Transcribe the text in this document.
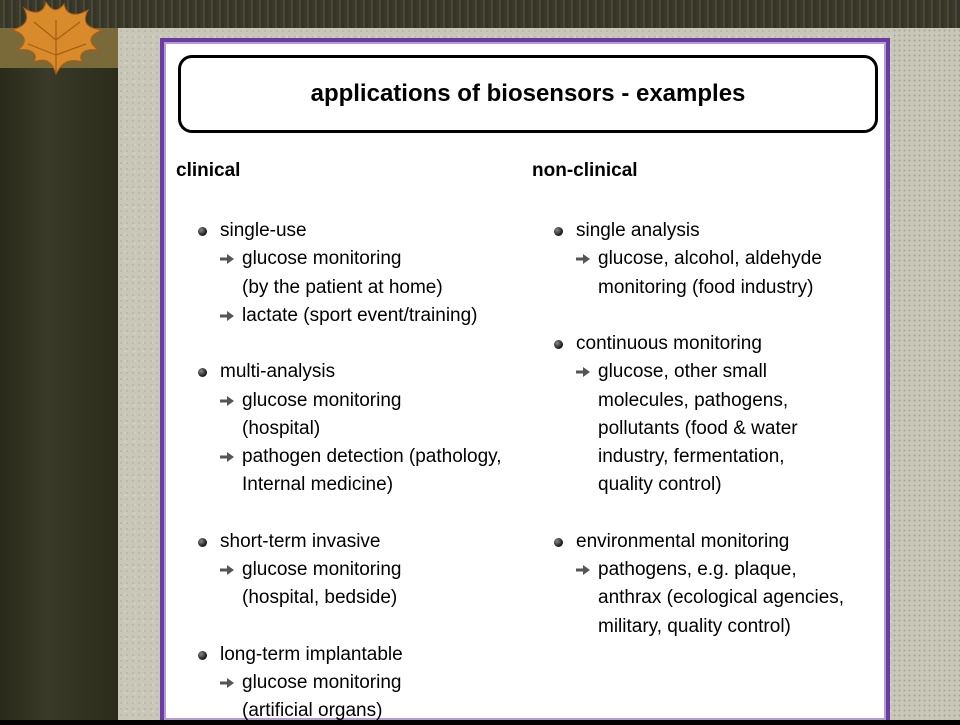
applications of biosensors - examples
clinical	non-clinical
single-use
glucose monitoring
(by the patient at home)
lactate (sport event/training)
multi-analysis
glucose monitoring
(hospital)
pathogen detection (pathology,
Internal medicine)
short-term invasive
glucose monitoring
(hospital, bedside)
long-term implantable
glucose monitoring
(artificial organs)
single analysis
glucose, alcohol, aldehyde
monitoring (food industry)
continuous monitoring
glucose, other small
molecules, pathogens,
pollutants (food & water
industry, fermentation,
quality control)
environmental monitoring
pathogens, e.g. plaque,
anthrax (ecological agencies,
military, quality control)
